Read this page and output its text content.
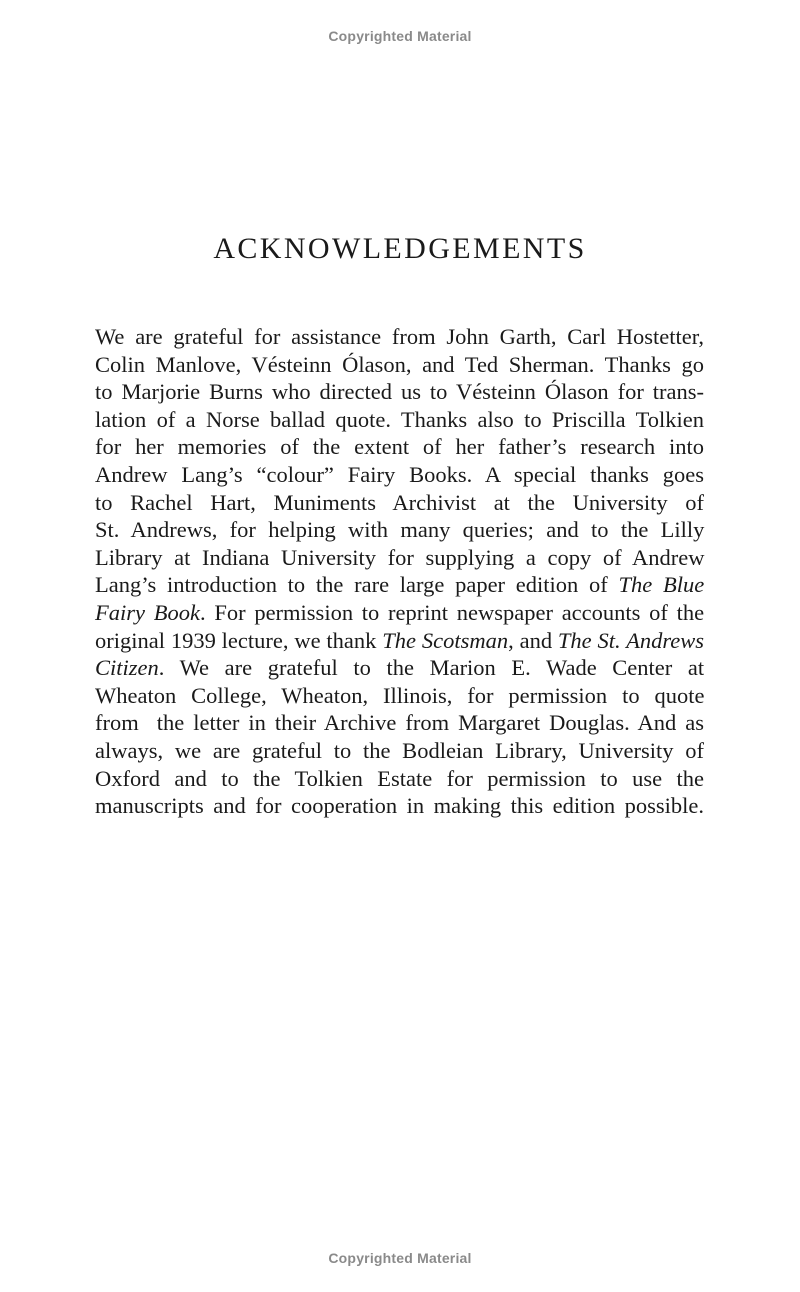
Copyrighted Material
ACKNOWLEDGEMENTS
We are grateful for assistance from John Garth, Carl Hostetter,
Colin Manlove, Vésteinn Ólason, and Ted Sherman. Thanks go
to Marjorie Burns who directed us to Vésteinn Ólason for trans-
lation of a Norse ballad quote. Thanks also to Priscilla Tolkien
for her memories of the extent of her father’s research into
Andrew Lang’s “colour” Fairy Books. A special thanks goes
to Rachel Hart, Muniments Archivist at the University of
St. Andrews, for helping with many queries; and to the Lilly
Library at Indiana University for supplying a copy of Andrew
Lang’s introduction to the rare large paper edition of The Blue
Fairy Book. For permission to reprint newspaper accounts of the
original 1939 lecture, we thank The Scotsman, and The St. Andrews
Citizen. We are grateful to the Marion E. Wade Center at
Wheaton College, Wheaton, Illinois, for permission to quote
from  the letter in their Archive from Margaret Douglas. And as
always, we are grateful to the Bodleian Library, University of
Oxford and to the Tolkien Estate for permission to use the
manuscripts and for cooperation in making this edition possible.
Copyrighted Material
